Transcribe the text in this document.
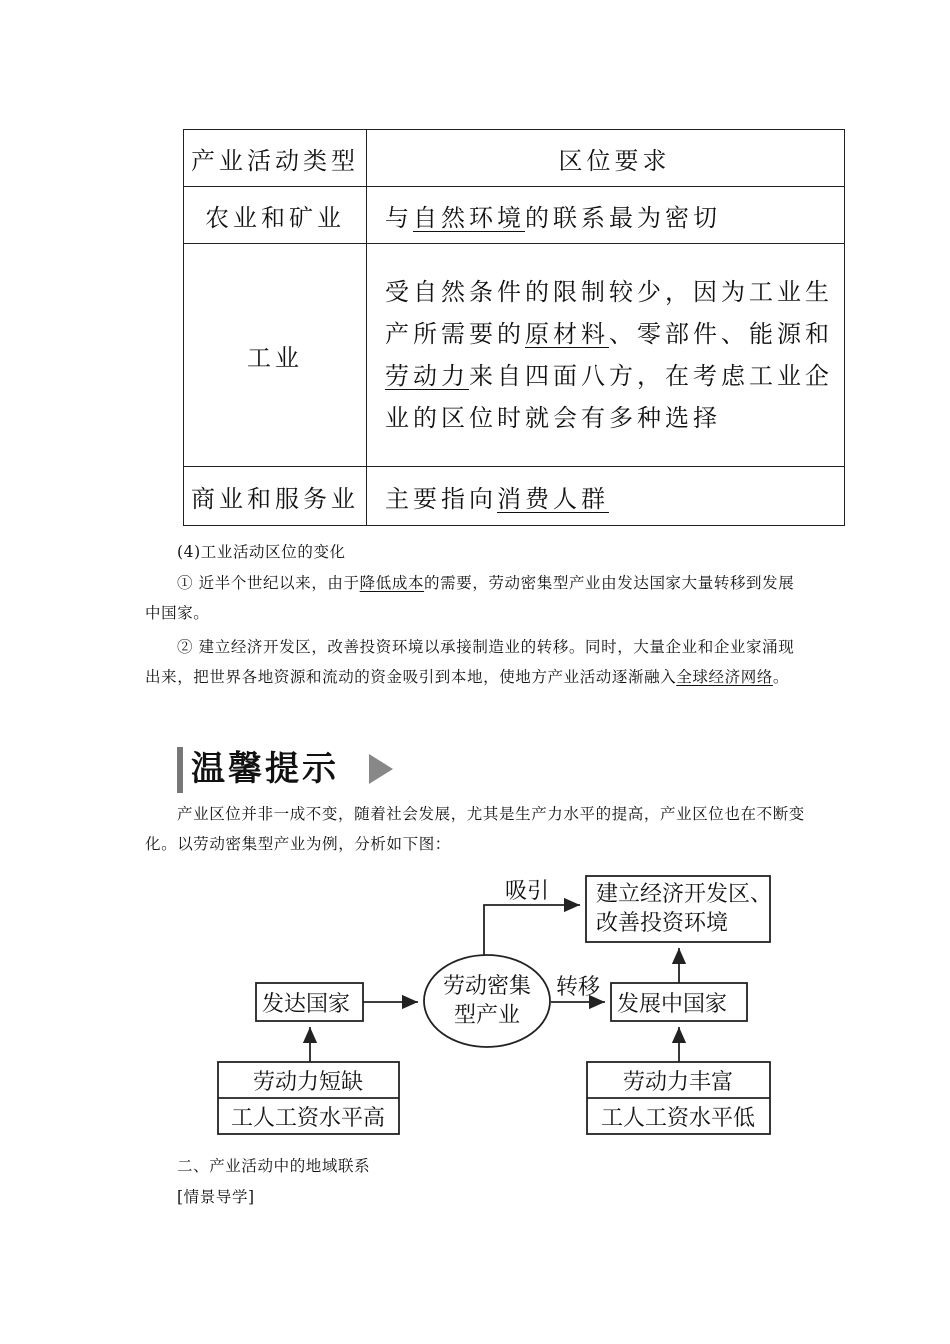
产业活动类型	区位要求
农业和矿业	与自然环境的联系最为密切
工业	受自然条件的限制较少，因为工业生产所需要的原材料、零部件、能源和劳动力来自四面八方，在考虑工业企业的区位时就会有多种选择
商业和服务业	主要指向消费人群
(4)工业活动区位的变化
① 近半个世纪以来，由于降低成本的需要，劳动密集型产业由发达国家大量转移到发展中国家。
② 建立经济开发区，改善投资环境以承接制造业的转移。同时，大量企业和企业家涌现出来，把世界各地资源和流动的资金吸引到本地，使地方产业活动逐渐融入全球经济网络。
温馨提示
产业区位并非一成不变，随着社会发展，尤其是生产力水平的提高，产业区位也在不断变化。以劳动密集型产业为例，分析如下图：
建立经济开发区、
改善投资环境
吸引
发达国家
劳动密集
型产业
转移
发展中国家
劳动力短缺
工人工资水平高
劳动力丰富
工人工资水平低
二、产业活动中的地域联系
[情景导学]
